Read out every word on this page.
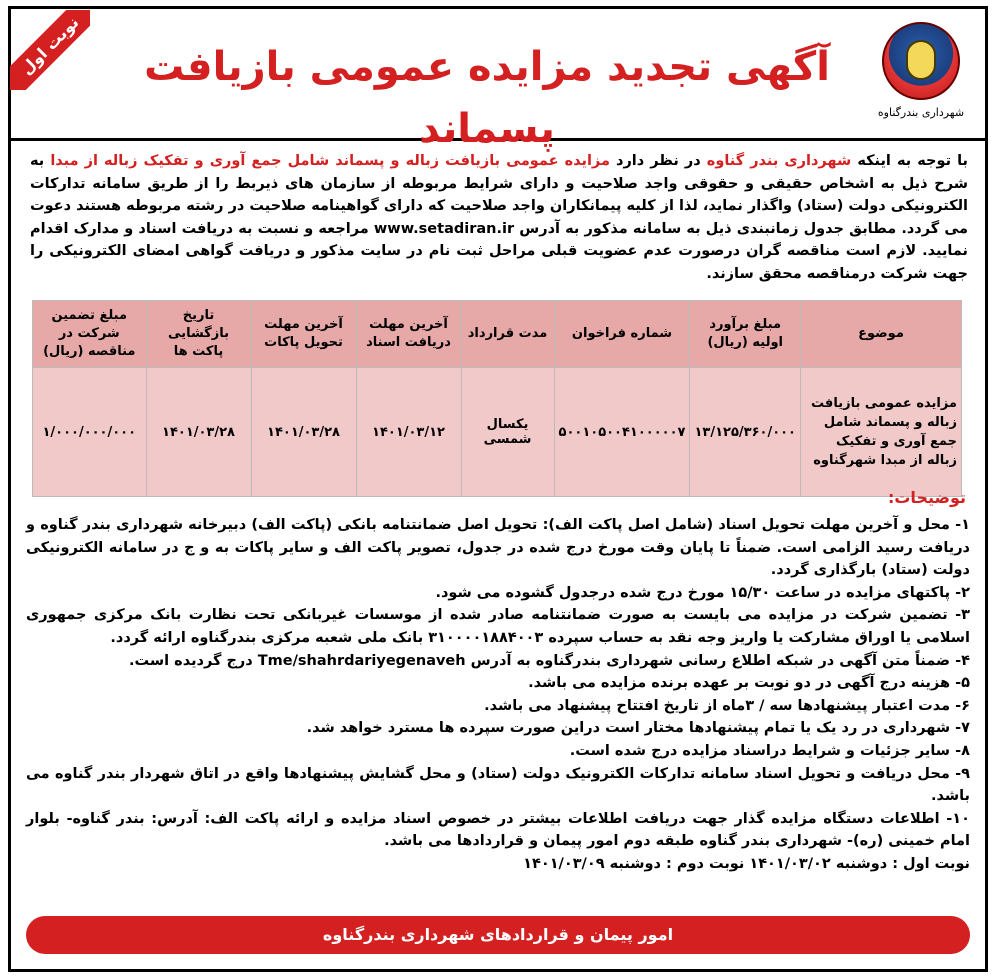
نوبت اول	آگهی تجدید مزایده عمومی بازیافت پسماند	شهرداری بندرگناوه
با توجه به اینکه شهرداری بندر گناوه در نظر دارد مزایده عمومی بازیافت زباله و پسماند شامل جمع آوری و تفکیک زباله از مبدا به شرح ذیل به اشخاص حقیقی و حقوقی واجد صلاحیت و دارای شرایط مربوطه از سازمان های ذیربط را از طریق سامانه تدارکات الکترونیکی دولت (ستاد) واگذار نماید، لذا از کلیه پیمانکاران واجد صلاحیت که دارای گواهینامه صلاحیت در رشته مربوطه هستند دعوت می گردد. مطابق جدول زمانبندی ذیل به سامانه مذکور به آدرس www.setadiran.ir مراجعه و نسبت به دریافت اسناد و مدارک اقدام نمایید. لازم است مناقصه گران درصورت عدم عضویت قبلی مراحل ثبت نام در سایت مذکور و دریافت گواهی امضای الکترونیکی را جهت شرکت درمناقصه محقق سازند.
موضوع	مبلغ برآورد اولیه (ریال)	شماره فراخوان	مدت قرارداد	آخرین مهلت دریافت اسناد	آخرین مهلت تحویل پاکات	تاریخ بازگشایی پاکت ها	مبلغ تضمین شرکت در مناقصه (ریال)
مزایده عمومی بازیافت زباله و پسماند شامل جمع آوری و تفکیک زباله از مبدا شهرگناوه	۱۳/۱۲۵/۳۶۰/۰۰۰	۵۰۰۱۰۵۰۰۴۱۰۰۰۰۰۷	یکسال شمسی	۱۴۰۱/۰۳/۱۲	۱۴۰۱/۰۳/۲۸	۱۴۰۱/۰۳/۲۸	۱/۰۰۰/۰۰۰/۰۰۰
توضیحات:

۱- محل و آخرین مهلت تحویل اسناد (شامل اصل پاکت الف): تحویل اصل ضمانتنامه بانکی (پاکت الف) دبیرخانه شهرداری بندر گناوه و دریافت رسید الزامی است. ضمناً تا پایان وقت مورخ درج شده در جدول، تصویر پاکت الف و سایر پاکات به و ج در سامانه الکترونیکی دولت (ستاد) بارگذاری گردد.

۲- پاکتهای مزایده در ساعت ۱۵/۳۰ مورخ درج شده درجدول گشوده می شود.

۳- تضمین شرکت در مزایده می بایست به صورت ضمانتنامه صادر شده از موسسات غیربانکی تحت نظارت بانک مرکزی جمهوری اسلامی یا اوراق مشارکت یا واریز وجه نقد به حساب سپرده ۳۱۰۰۰۰۱۸۸۴۰۰۳ بانک ملی شعبه مرکزی بندرگناوه ارائه گردد.

۴- ضمناً متن آگهی در شبکه اطلاع رسانی شهرداری بندرگناوه به آدرس Tme/shahrdariyegenaveh درج گردیده است.

۵- هزینه درج آگهی در دو نوبت بر عهده برنده مزایده می باشد.

۶- مدت اعتبار پیشنهادها سه / ۳ماه از تاریخ افتتاح پیشنهاد می باشد.

۷- شهرداری در رد یک یا تمام پیشنهادها مختار است دراین صورت سپرده ها مسترد خواهد شد.

۸- سایر جزئیات و شرایط دراسناد مزایده درج شده است.

۹- محل دریافت و تحویل اسناد سامانه تدارکات الکترونیک دولت (ستاد) و محل گشایش پیشنهادها واقع در اتاق شهردار بندر گناوه می باشد.

۱۰- اطلاعات دستگاه مزایده گذار جهت دریافت اطلاعات بیشتر در خصوص اسناد مزایده و ارائه پاکت الف: آدرس: بندر گناوه- بلوار امام خمینی (ره)- شهرداری بندر گناوه طبقه دوم امور پیمان و قراردادها می باشد.

نوبت اول : دوشنبه ۱۴۰۱/۰۳/۰۲ نوبت دوم : دوشنبه ۱۴۰۱/۰۳/۰۹

امور پیمان و قراردادهای شهرداری بندرگناوه
